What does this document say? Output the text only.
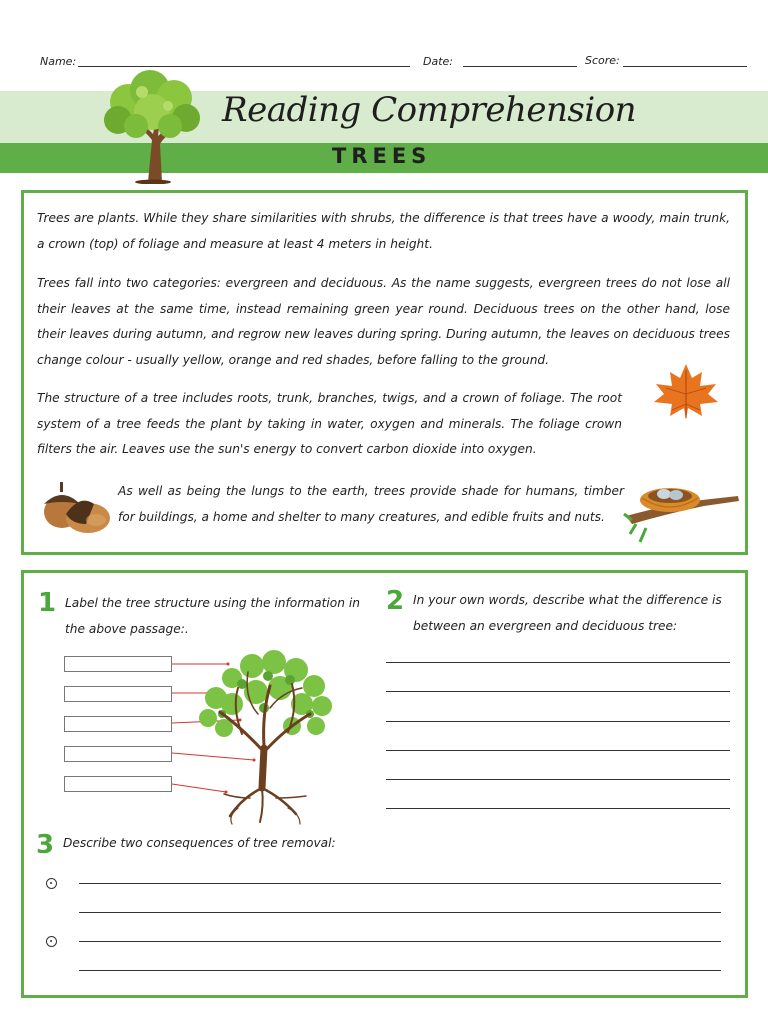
Name:	Date:	Score:
Reading Comprehension
TREES

Trees are plants. While they share similarities with shrubs, the difference is that trees have a woody, main trunk, a crown (top) of foliage and measure at least 4 meters in height.

Trees fall into two categories: evergreen and deciduous. As the name suggests, evergreen trees do not lose all their leaves at the same time, instead remaining green year round. Deciduous trees on the other hand, lose their leaves during autumn, and regrow new leaves during spring. During autumn, the leaves on deciduous trees change colour - usually yellow, orange and red shades, before falling to the ground.

The structure of a tree includes roots, trunk, branches, twigs, and a crown of foliage. The root system of a tree feeds the plant by taking in water, oxygen and minerals. The foliage crown filters the air. Leaves use the sun's energy to convert carbon dioxide into oxygen.

As well as being the lungs to the earth, trees provide shade for humans, timber for buildings, a home and shelter to many creatures, and edible fruits and nuts.

1 Label the tree structure using the information in the above passage:.
2 In your own words, describe what the difference is between an evergreen and deciduous tree:
3 Describe two consequences of tree removal:
